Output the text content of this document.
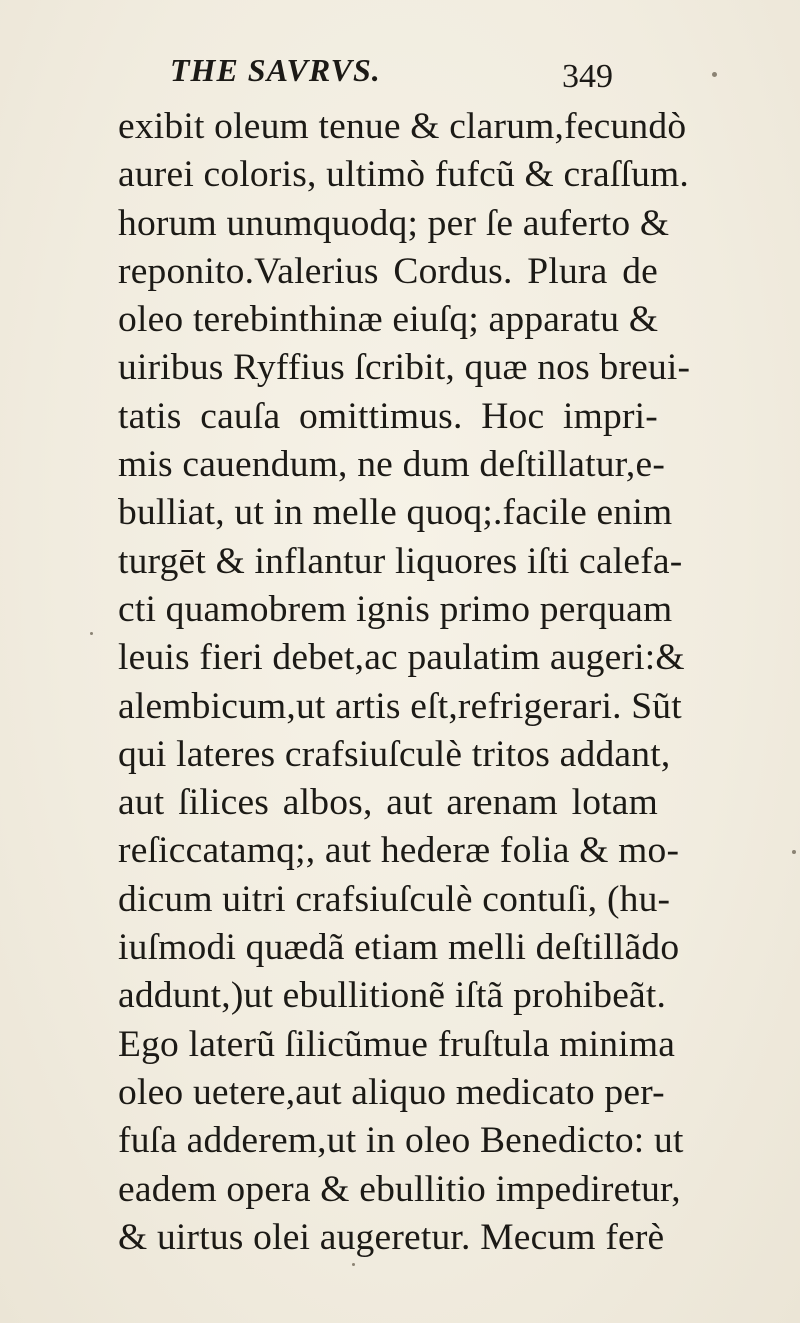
THE SAVRVS.	349
exibit oleum tenue & clarum,fecundò
aurei coloris, ultimò fufcũ & craſſum.
horum unumquodq; per ſe auferto &
reponito.Valerius Cordus. Plura de
oleo terebinthinæ eiuſq; apparatu &
uiribus Ryffius ſcribit, quæ nos breui-
tatis cauſa omittimus. Hoc impri-
mis cauendum, ne dum deſtillatur,e-
bulliat, ut in melle quoq;.facile enim
turgēt & inflantur liquores iſti calefa-
cti quamobrem ignis primo perquam
leuis fieri debet,ac paulatim augeri:&
alembicum,ut artis eſt,refrigerari. Sũt
qui lateres crafsiuſculè tritos addant,
aut ſilices albos, aut arenam lotam
reſiccatamq;, aut hederæ folia & mo-
dicum uitri crafsiuſculè contuſi, (hu-
iuſmodi quædã etiam melli deſtillãdo
addunt,)ut ebullitionẽ iſtã prohibeãt.
Ego laterũ ſilicũmue fruſtula minima
oleo uetere,aut aliquo medicato per-
fuſa adderem,ut in oleo Benedicto: ut
eadem opera & ebullitio impediretur,
& uirtus olei augeretur. Mecum ferè
